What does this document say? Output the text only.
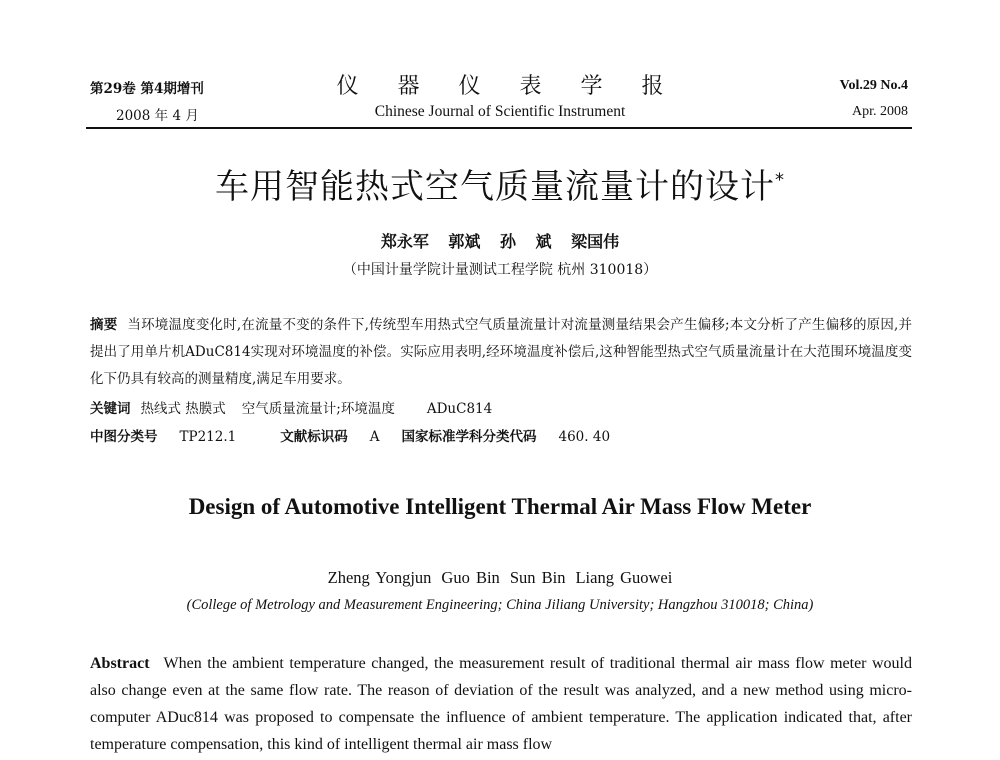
第29卷 第4期增刊
2008 年 4 月
仪 器 仪 表 学 报
Chinese Journal of Scientific Instrument
Vol.29 No.4
Apr. 2008
车用智能热式空气质量流量计的设计*
郑永军 郭斌 孙 斌 梁国伟
（中国计量学院计量测试工程学院 杭州 310018）
摘要 当环境温度变化时,在流量不变的条件下,传统型车用热式空气质量流量计对流量测量结果会产生偏移;本文分析了产生偏移的原因,并提出了用单片机ADuC814实现对环境温度的补偿。实际应用表明,经环境温度补偿后,这种智能型热式空气质量流量计在大范围环境温度变化下仍具有较高的测量精度,满足车用要求。
关键词 热线式 热膜式 空气质量流量计;环境温度 ADuC814
中图分类号 TP212.1	文献标识码 A 国家标准学科分类代码 460. 40
Design of Automotive Intelligent Thermal Air Mass Flow Meter
Zheng Yongjun Guo Bin Sun Bin Liang Guowei
(College of Metrology and Measurement Engineering; China Jiliang University; Hangzhou 310018; China)
Abstract When the ambient temperature changed, the measurement result of traditional thermal air mass flow meter would also change even at the same flow rate. The reason of deviation of the result was analyzed, and a new method using micro-computer ADuc814 was proposed to compensate the influence of ambient temperature. The application indicated that, after temperature compensation, this kind of intelligent thermal air mass flow
